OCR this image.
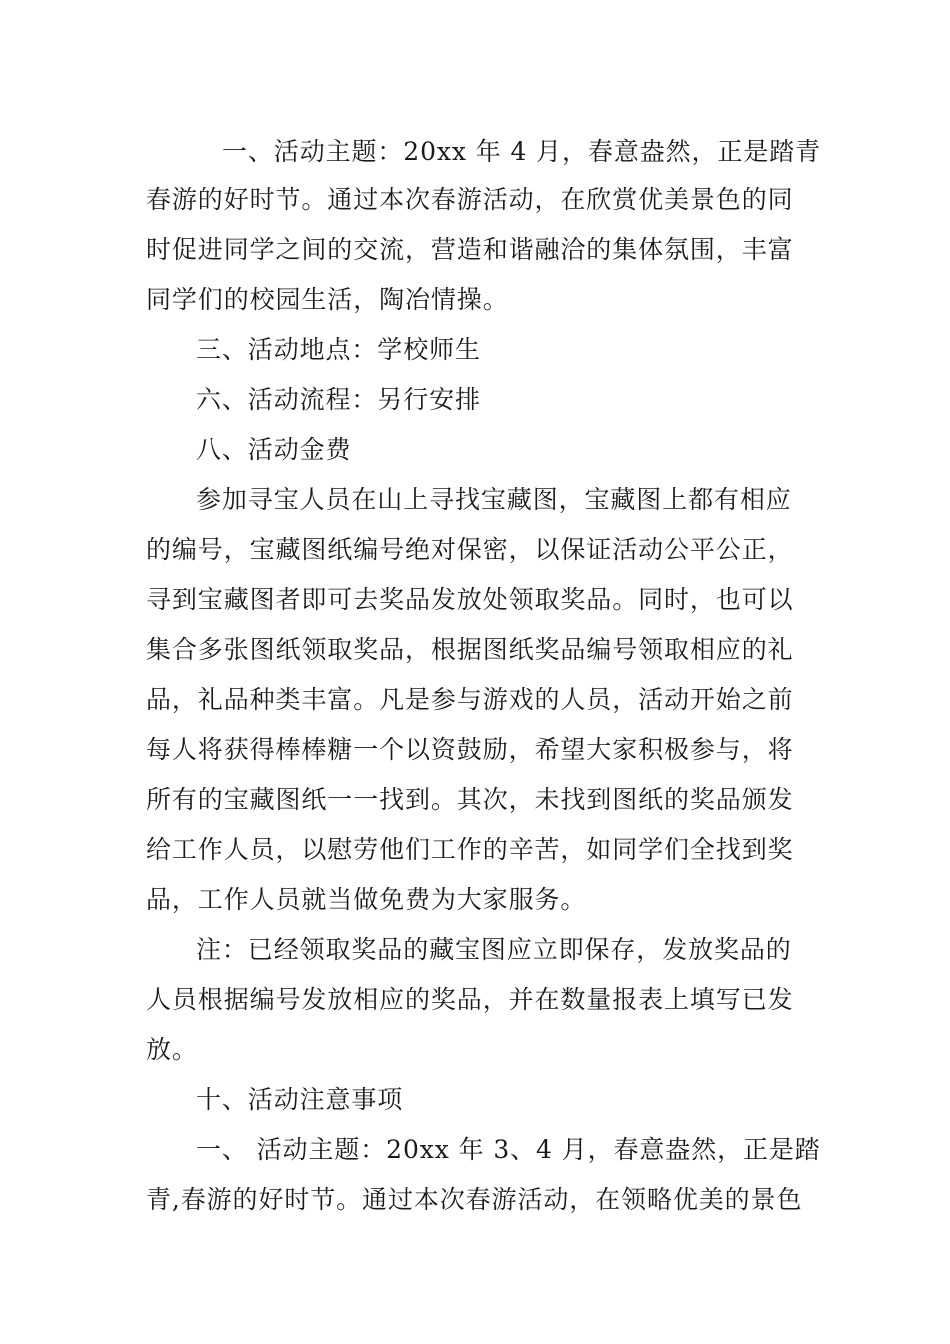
一、活动主题：20xx 年 4 月，春意盎然，正是踏青

春游的好时节。通过本次春游活动，在欣赏优美景色的同

时促进同学之间的交流，营造和谐融洽的集体氛围，丰富

同学们的校园生活，陶冶情操。

三、活动地点：学校师生

六、活动流程：另行安排

八、活动金费

参加寻宝人员在山上寻找宝藏图，宝藏图上都有相应

的编号，宝藏图纸编号绝对保密，以保证活动公平公正，

寻到宝藏图者即可去奖品发放处领取奖品。同时，也可以

集合多张图纸领取奖品，根据图纸奖品编号领取相应的礼

品，礼品种类丰富。凡是参与游戏的人员，活动开始之前

每人将获得棒棒糖一个以资鼓励，希望大家积极参与，将

所有的宝藏图纸一一找到。其次，未找到图纸的奖品颁发

给工作人员，以慰劳他们工作的辛苦，如同学们全找到奖

品，工作人员就当做免费为大家服务。

注：已经领取奖品的藏宝图应立即保存，发放奖品的

人员根据编号发放相应的奖品，并在数量报表上填写已发

放。

十、活动注意事项

一、 活动主题：20xx 年 3、4 月，春意盎然，正是踏

青,春游的好时节。通过本次春游活动，在领略优美的景色
